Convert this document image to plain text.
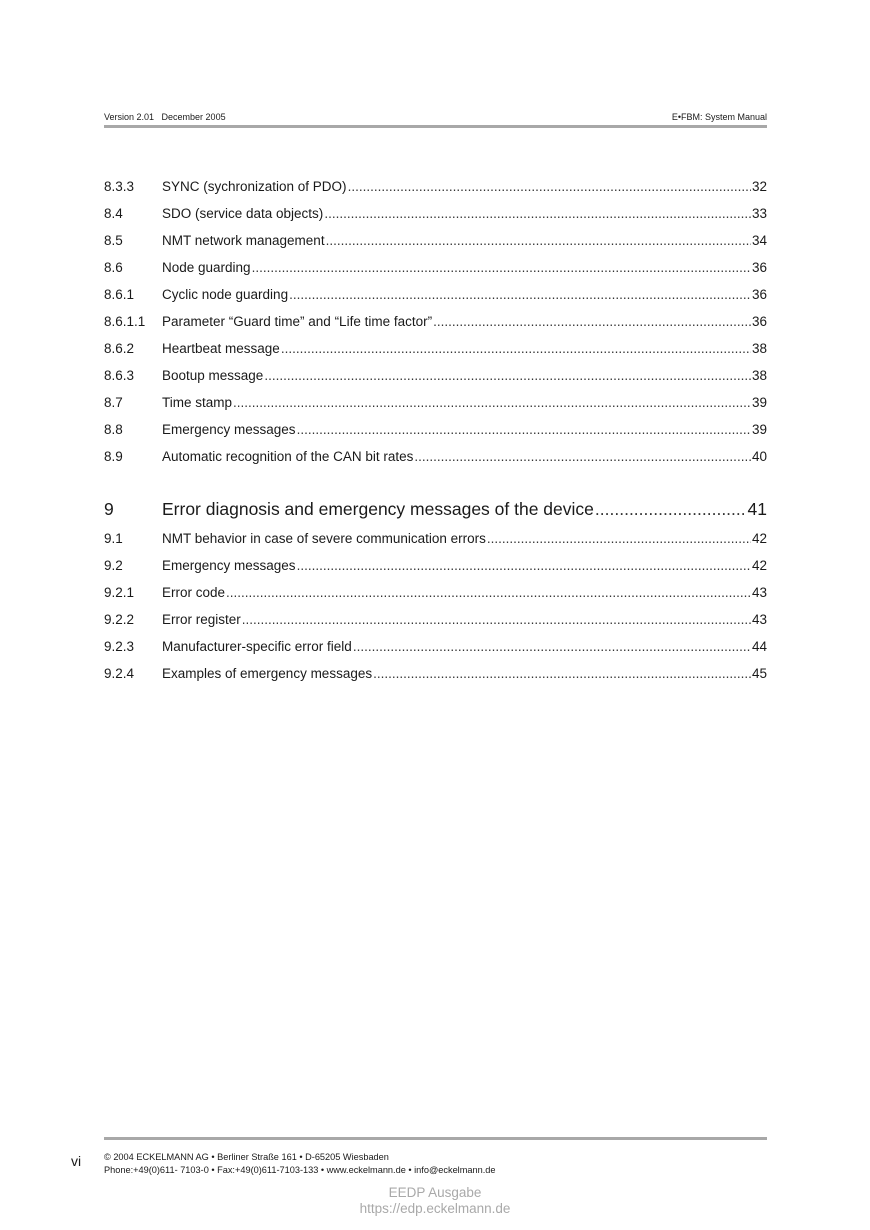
Version 2.01   December 2005	E•FBM: System Manual
8.3.3	SYNC (sychronization of PDO) .....	32
8.4	SDO (service data objects) .....	33
8.5	NMT network management .....	34
8.6	Node guarding .....	36
8.6.1	Cyclic node guarding .....	36
8.6.1.1	Parameter “Guard time” and “Life time factor” .....	36
8.6.2	Heartbeat message .....	38
8.6.3	Bootup message .....	38
8.7	Time stamp .....	39
8.8	Emergency messages .....	39
8.9	Automatic recognition of the CAN bit rates .....	40
9	Error diagnosis and emergency messages of the device .....	41
9.1	NMT behavior in case of severe communication errors .....	42
9.2	Emergency messages .....	42
9.2.1	Error code .....	43
9.2.2	Error register .....	43
9.2.3	Manufacturer-specific error field .....	44
9.2.4	Examples of emergency messages .....	45
vi © 2004 ECKELMANN AG • Berliner Straße 161 • D-65205 Wiesbaden
Phone:+49(0)611- 7103-0 • Fax:+49(0)611-7103-133 • www.eckelmann.de • info@eckelmann.de
EEDP Ausgabe
https://edp.eckelmann.de
